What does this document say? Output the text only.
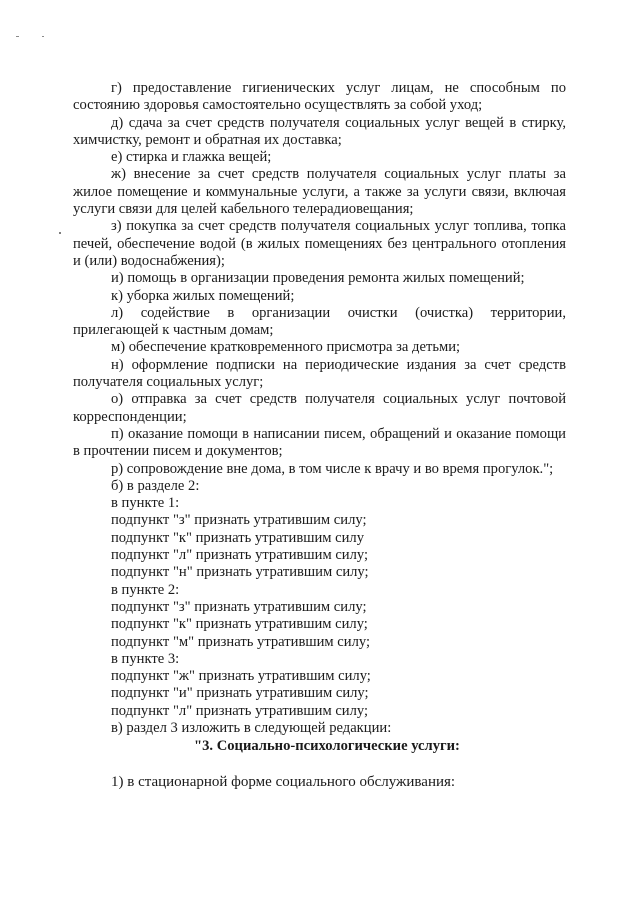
г) предоставление гигиенических услуг лицам, не способным по состоянию здоровья самостоятельно осуществлять за собой уход;

д) сдача за счет средств получателя социальных услуг вещей в стирку, химчистку, ремонт и обратная их доставка;

е) стирка и глажка вещей;

ж) внесение за счет средств получателя социальных услуг платы за жилое помещение и коммунальные услуги, а также за услуги связи, включая услуги связи для целей кабельного телерадиовещания;

з) покупка за счет средств получателя социальных услуг топлива, топка печей, обеспечение водой (в жилых помещениях без центрального отопления и (или) водоснабжения);

и) помощь в организации проведения ремонта жилых помещений;

к) уборка жилых помещений;

л) содействие в организации очистки (очистка) территории, прилегающей к частным домам;

м) обеспечение кратковременного присмотра за детьми;

н) оформление подписки на периодические издания за счет средств получателя социальных услуг;

о) отправка за счет средств получателя социальных услуг почтовой корреспонденции;

п) оказание помощи в написании писем, обращений и оказание помощи в прочтении писем и документов;

р) сопровождение вне дома, в том числе к врачу и во время прогулок.";

б) в разделе 2:

в пункте 1:

подпункт "з" признать утратившим силу;

подпункт "к" признать утратившим силу

подпункт "л" признать утратившим силу;

подпункт "н" признать утратившим силу;

в пункте 2:

подпункт "з" признать утратившим силу;

подпункт "к" признать утратившим силу;

подпункт "м" признать утратившим силу;

в пункте 3:

подпункт "ж" признать утратившим силу;

подпункт "и" признать утратившим силу;

подпункт "л" признать утратившим силу;

в) раздел 3 изложить в следующей редакции:

"3. Социально-психологические услуги:

1) в стационарной форме социального обслуживания:
